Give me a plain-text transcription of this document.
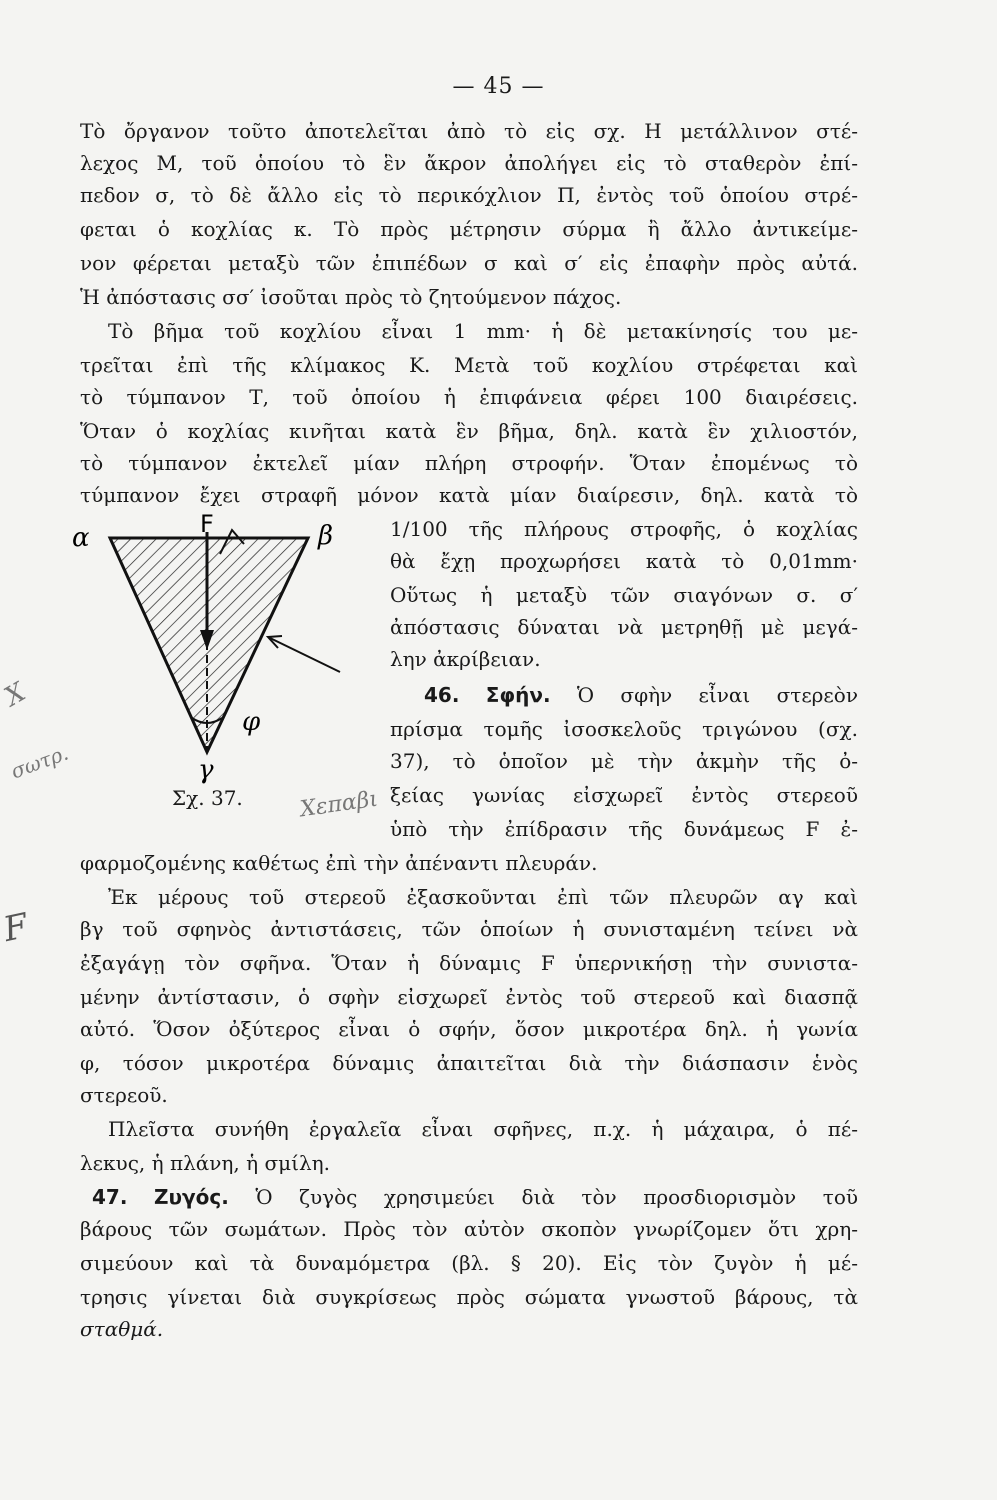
— 45 —
Τὸ ὄργανον τοῦτο ἀποτελεῖται ἀπὸ τὸ εἰς σχ. Η μετάλλινον στέ-
λεχος Μ, τοῦ ὁποίου τὸ ἓν ἄκρον ἀπολήγει εἰς τὸ σταθερὸν ἐπί-
πεδον σ, τὸ δὲ ἄλλο εἰς τὸ περικόχλιον Π, ἐντὸς τοῦ ὁποίου στρέ-
φεται ὁ κοχλίας κ. Τὸ πρὸς μέτρησιν σύρμα ἢ ἄλλο ἀντικείμε-
νον φέρεται μεταξὺ τῶν ἐπιπέδων σ καὶ σ′ εἰς ἐπαφὴν πρὸς αὐτά.
Ἡ ἀπόστασις σσ′ ἰσοῦται πρὸς τὸ ζητούμενον πάχος.
Τὸ βῆμα τοῦ κοχλίου εἶναι 1 mm· ἡ δὲ μετακίνησίς του με-
τρεῖται ἐπὶ τῆς κλίμακος Κ. Μετὰ τοῦ κοχλίου στρέφεται καὶ
τὸ τύμπανον Τ, τοῦ ὁποίου ἡ ἐπιφάνεια φέρει 100 διαιρέσεις.
Ὅταν ὁ κοχλίας κινῆται κατὰ ἓν βῆμα, δηλ. κατὰ ἓν χιλιοστόν,
τὸ τύμπανον ἐκτελεῖ μίαν πλήρη στροφήν. Ὅταν ἐπομένως τὸ
τύμπανον ἔχει στραφῆ μόνον κατὰ μίαν διαίρεσιν, δηλ. κατὰ τὸ
1/100 τῆς πλήρους στροφῆς, ὁ κοχλίας
θὰ ἔχῃ προχωρήσει κατὰ τὸ 0,01mm·
Οὕτως ἡ μεταξὺ τῶν σιαγόνων σ. σ′
ἀπόστασις δύναται νὰ μετρηθῇ μὲ μεγά-
λην ἀκρίβειαν.
46. Σφήν. Ὁ σφὴν εἶναι στερεὸν
πρίσμα τομῆς ἰσοσκελοῦς τριγώνου (σχ.
37), τὸ ὁποῖον μὲ τὴν ἀκμὴν τῆς ὀ-
ξείας γωνίας εἰσχωρεῖ ἐντὸς στερεοῦ
ὑπὸ τὴν ἐπίδρασιν τῆς δυνάμεως F ἐ-
φαρμοζομένης καθέτως ἐπὶ τὴν ἀπέναντι πλευράν.
Ἐκ μέρους τοῦ στερεοῦ ἐξασκοῦνται ἐπὶ τῶν πλευρῶν αγ καὶ
βγ τοῦ σφηνὸς ἀντιστάσεις, τῶν ὁποίων ἡ συνισταμένη τείνει νὰ
ἐξαγάγῃ τὸν σφῆνα. Ὅταν ἡ δύναμις F ὑπερνικήσῃ τὴν συνιστα-
μένην ἀντίστασιν, ὁ σφὴν εἰσχωρεῖ ἐντὸς τοῦ στερεοῦ καὶ διασπᾷ
αὐτό. Ὅσον ὀξύτερος εἶναι ὁ σφήν, ὅσον μικροτέρα δηλ. ἡ γωνία
φ, τόσον μικροτέρα δύναμις ἀπαιτεῖται διὰ τὴν διάσπασιν ἑνὸς
στερεοῦ.
Πλεῖστα συνήθη ἐργαλεῖα εἶναι σφῆνες, π.χ. ἡ μάχαιρα, ὁ πέ-
λεκυς, ἡ πλάνη, ἡ σμίλη.
47. Ζυγός. Ὁ ζυγὸς χρησιμεύει διὰ τὸν προσδιορισμὸν τοῦ
βάρους τῶν σωμάτων. Πρὸς τὸν αὐτὸν σκοπὸν γνωρίζομεν ὅτι χρη-
σιμεύουν καὶ τὰ δυναμόμετρα (βλ. § 20). Εἰς τὸν ζυγὸν ἡ μέ-
τρησις γίνεται διὰ συγκρίσεως πρὸς σώματα γνωστοῦ βάρους, τὰ
σταθμά.
α	F	β
γ
φ
Σχ. 37.
F
X
Χεπαβι
σωτρ.
